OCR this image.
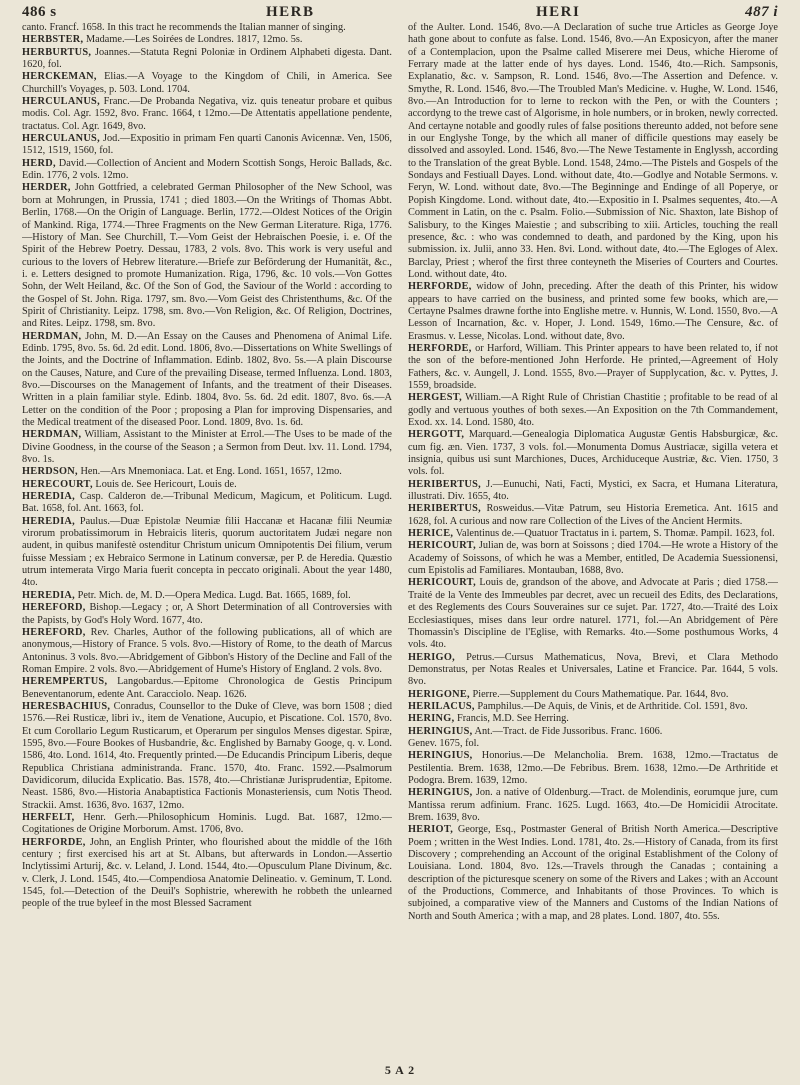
486 s	HERB	HERI	487 i

canto. Francf. 1658. In this tract he recommends the Italian manner of singing.

HERBSTER, Madame.—Les Soirées de Londres. 1817, 12mo. 5s.

HERBURTUS, Joannes.—Statuta Regni Poloniæ in Ordinem Alphabeti digesta. Dant. 1620, fol.

HERCKEMAN, Elias.—A Voyage to the Kingdom of Chili, in America. See Churchill's Voyages, p. 503. Lond. 1704.

HERCULANUS, Franc.—De Probanda Negativa, viz. quis teneatur probare et quibus modis. Col. Agr. 1592, 8vo. Franc. 1664, t 12mo.—De Attentatis appellatione pendente, tractatus. Col. Agr. 1649, 8vo.

HERCULANUS, Jod.—Expositio in primam Fen quarti Canonis Avicennæ. Ven, 1506, 1512, 1519, 1560, fol.

HERD, David.—Collection of Ancient and Modern Scottish Songs, Heroic Ballads, &c. Edin. 1776, 2 vols. 12mo.

HERDER, John Gottfried, a celebrated German Philosopher of the New School, was born at Mohrungen, in Prussia, 1741 ; died 1803.—On the Writings of Thomas Abbt. Berlin, 1768.—On the Origin of Language. Berlin, 1772.—Oldest Notices of the Origin of Mankind. Riga, 1774.—Three Fragments on the New German Literature. Riga, 1776.—History of Man. See Churchill, T.—Vom Geist der Hebraischen Poesie, i. e. Of the Spirit of the Hebrew Poetry. Dessau, 1783, 2 vols. 8vo. This work is very useful and curious to the lovers of Hebrew literature.—Briefe zur Beförderung der Humanität, &c., i. e. Letters designed to promote Humanization. Riga, 1796, &c. 10 vols.—Von Gottes Sohn, der Welt Heiland, &c. Of the Son of God, the Saviour of the World : according to the Gospel of St. John. Riga. 1797, sm. 8vo.—Vom Geist des Christenthums, &c. Of the Spirit of Christianity. Leipz. 1798, sm. 8vo.—Von Religion, &c. Of Religion, Doctrines, and Rites. Leipz. 1798, sm. 8vo.

HERDMAN, John, M. D.—An Essay on the Causes and Phenomena of Animal Life. Edinb. 1795, 8vo. 5s. 6d. 2d edit. Lond. 1806, 8vo.—Dissertations on White Swellings of the Joints, and the Doctrine of Inflammation. Edinb. 1802, 8vo. 5s.—A plain Discourse on the Causes, Nature, and Cure of the prevailing Disease, termed Influenza. Lond. 1803, 8vo.—Discourses on the Management of Infants, and the treatment of their Diseases. Written in a plain familiar style. Edinb. 1804, 8vo. 5s. 6d. 2d edit. 1807, 8vo. 6s.—A Letter on the condition of the Poor ; proposing a Plan for improving Dispensaries, and the Medical treatment of the diseased Poor. Lond. 1809, 8vo. 1s. 6d.

HERDMAN, William, Assistant to the Minister at Errol.—The Uses to be made of the Divine Goodness, in the course of the Season ; a Sermon from Deut. lxv. 11. Lond. 1794, 8vo. 1s.

HERDSON, Hen.—Ars Mnemoniaca. Lat. et Eng. Lond. 1651, 1657, 12mo.

HERECOURT, Louis de. See Hericourt, Louis de.

HEREDIA, Casp. Calderon de.—Tribunal Medicum, Magicum, et Politicum. Lugd. Bat. 1658, fol. Ant. 1663, fol.

HEREDIA, Paulus.—Duæ Epistolæ Neumiæ filii Haccanæ et Hacanæ filii Neumiæ virorum probatissimorum in Hebraicis literis, quorum auctoritatem Judæi negare non audent, in quibus manifestè ostenditur Christum unicum Omnipotentis Dei filium, verum fuisse Messiam ; ex Hebraico Sermone in Latinum conversæ, per P. de Heredia. Quæstio utrum intemerata Virgo Maria fuerit concepta in peccato originali. About the year 1480, 4to.

HEREDIA, Petr. Mich. de, M. D.—Opera Medica. Lugd. Bat. 1665, 1689, fol.

HEREFORD, Bishop.—Legacy ; or, A Short Determination of all Controversies with the Papists, by God's Holy Word. 1677, 4to.

HEREFORD, Rev. Charles, Author of the following publications, all of which are anonymous,—History of France. 5 vols. 8vo.—History of Rome, to the death of Marcus Antoninus. 3 vols. 8vo.—Abridgement of Gibbon's History of the Decline and Fall of the Roman Empire. 2 vols. 8vo.—Abridgement of Hume's History of England. 2 vols. 8vo.

HEREMPERTUS, Langobardus.—Epitome Chronologica de Gestis Principum Beneventanorum, edente Ant. Caracciolo. Neap. 1626.

HERESBACHIUS, Conradus, Counsellor to the Duke of Cleve, was born 1508 ; died 1576.—Rei Rusticæ, libri iv., item de Venatione, Aucupio, et Piscatione. Col. 1570, 8vo. Et cum Corollario Legum Rusticarum, et Operarum per singulos Menses digestar. Spiræ, 1595, 8vo.—Foure Bookes of Husbandrie, &c. Englished by Barnaby Googe, q. v. Lond. 1586, 4to. Lond. 1614, 4to. Frequently printed.—De Educandis Principum Liberis, deque Republica Christiana administranda. Franc. 1570, 4to. Franc. 1592.—Psalmorum Davidicorum, dilucida Explicatio. Bas. 1578, 4to.—Christianæ Jurisprudentiæ, Epitome. Neast. 1586, 8vo.—Historia Anabaptistica Factionis Monasteriensis, cum Notis Theod. Strackii. Amst. 1636, 8vo. 1637, 12mo.

HERFELT, Henr. Gerh.—Philosophicum Hominis. Lugd. Bat. 1687, 12mo.—Cogitationes de Origine Morborum. Amst. 1706, 8vo.

HERFORDE, John, an English Printer, who flourished about the middle of the 16th century ; first exercised his art at St. Albans, but afterwards in London.—Assertio Inclytissimi Arturij, &c. v. Leland, J. Lond. 1544, 4to.—Opusculum Plane Divinum, &c. v. Clerk, J. Lond. 1545, 4to.—Compendiosa Anatomie Delineatio. v. Geminum, T. Lond. 1545, fol.—Detection of the Deuil's Sophistrie, wherewith he robbeth the unlearned people of the true byleef in the most Blessed Sacrament

of the Aulter. Lond. 1546, 8vo.—A Declaration of suche true Articles as George Joye hath gone about to confute as false. Lond. 1546, 8vo.—An Exposicyon, after the maner of a Contemplacion, upon the Psalme called Miserere mei Deus, whiche Hierome of Ferrary made at the latter ende of hys dayes. Lond. 1546, 4to.—Rich. Sampsonis, Explanatio, &c. v. Sampson, R. Lond. 1546, 8vo.—The Assertion and Defence. v. Smythe, R. Lond. 1546, 8vo.—The Troubled Man's Medicine. v. Hughe, W. Lond. 1546, 8vo.—An Introduction for to lerne to reckon with the Pen, or with the Counters ; accordyng to the trewe cast of Algorisme, in hole numbers, or in broken, newly corrected. And certayne notable and goodly rules of false positions thereunto added, not before sene in our Englyshe Tonge, by the which all maner of difficile questions may easely be dissolved and assoyled. Lond. 1546, 8vo.—The Newe Testamente in Englyssh, according to the Translation of the great Byble. Lond. 1548, 24mo.—The Pistels and Gospels of the Sondays and Festiuall Dayes. Lond. without date, 4to.—Godlye and Notable Sermons. v. Feryn, W. Lond. without date, 8vo.—The Beginninge and Endinge of all Poperye, or Popish Kingdome. Lond. without date, 4to.—Expositio in I. Psalmes sequentes, 4to.—A Comment in Latin, on the c. Psalm. Folio.—Submission of Nic. Shaxton, late Bishop of Salisbury, to the Kinges Maiestie ; and subscribing to xiii. Articles, touching the reall presence, &c. : who was condemned to death, and pardoned by the King, upon his submission. ix. Julii, anno 33. Hen. 8vi. Lond. without date, 4to.—The Egloges of Alex. Barclay, Priest ; wherof the first three conteyneth the Miseries of Courters and Courtes. Lond. without date, 4to.

HERFORDE, widow of John, preceding. After the death of this Printer, his widow appears to have carried on the business, and printed some few books, which are,—Certayne Psalmes drawne forthe into Englishe metre. v. Hunnis, W. Lond. 1550, 8vo.—A Lesson of Incarnation, &c. v. Hoper, J. Lond. 1549, 16mo.—The Censure, &c. of Erasmus. v. Lesse, Nicolas. Lond. without date, 8vo.

HERFORDE, or Harford, William. This Printer appears to have been related to, if not the son of the before-mentioned John Herforde. He printed,—Agreement of Holy Fathers, &c. v. Aungell, J. Lond. 1555, 8vo.—Prayer of Supplycation, &c. v. Pyttes, J. 1559, broadside.

HERGEST, William.—A Right Rule of Christian Chastitie ; profitable to be read of al godly and vertuous youthes of both sexes.—An Exposition on the 7th Commandement, Exod. xx. 14. Lond. 1580, 4to.

HERGOTT, Marquard.—Genealogia Diplomatica Augustæ Gentis Habsburgicæ, &c. cum fig. æn. Vien. 1737, 3 vols. fol.—Monumenta Domus Austriacæ, sigilla vetera et insignia, quibus usi sunt Marchiones, Duces, Archiduceque Austriæ, &c. Vien. 1750, 3 vols. fol.

HERIBERTUS, J.—Eunuchi, Nati, Facti, Mystici, ex Sacra, et Humana Literatura, illustrati. Div. 1655, 4to.

HERIBERTUS, Rosweidus.—Vitæ Patrum, seu Historia Eremetica. Ant. 1615 and 1628, fol. A curious and now rare Collection of the Lives of the Ancient Hermits.

HERICE, Valentinus de.—Quatuor Tractatus in i. partem, S. Thomæ. Pampil. 1623, fol.

HERICOURT, Julian de, was born at Soissons ; died 1704.—He wrote a History of the Academy of Soissons, of which he was a Member, entitled, De Academia Suessionensi, cum Epistolis ad Familiares. Montauban, 1688, 8vo.

HERICOURT, Louis de, grandson of the above, and Advocate at Paris ; died 1758.—Traité de la Vente des Immeubles par decret, avec un recueil des Edits, des Declarations, et des Reglements des Cours Souveraines sur ce sujet. Par. 1727, 4to.—Traité des Loix Ecclesiastiques, mises dans leur ordre naturel. 1771, fol.—An Abridgement of Père Thomassin's Discipline de l'Eglise, with Remarks. 4to.—Some posthumous Works, 4 vols. 4to.

HERIGO, Petrus.—Cursus Mathematicus, Nova, Brevi, et Clara Methodo Demonstratus, per Notas Reales et Universales, Latine et Francice. Par. 1644, 5 vols. 8vo.

HERIGONE, Pierre.—Supplement du Cours Mathematique. Par. 1644, 8vo.

HERILACUS, Pamphilus.—De Aquis, de Vinis, et de Arthritide. Col. 1591, 8vo.

HERING, Francis, M.D. See Herring.

HERINGIUS, Ant.—Tract. de Fide Jussoribus. Franc. 1606.

Genev. 1675, fol.

HERINGIUS, Honorius.—De Melancholia. Brem. 1638, 12mo.—Tractatus de Pestilentia. Brem. 1638, 12mo.—De Febribus. Brem. 1638, 12mo.—De Arthritide et Podogra. Brem. 1639, 12mo.

HERINGIUS, Jon. a native of Oldenburg.—Tract. de Molendinis, eorumque jure, cum Mantissa rerum adfinium. Franc. 1625. Lugd. 1663, 4to.—De Homicidii Atrocitate. Brem. 1639, 8vo.

HERIOT, George, Esq., Postmaster General of British North America.—Descriptive Poem ; written in the West Indies. Lond. 1781, 4to. 2s.—History of Canada, from its first Discovery ; comprehending an Account of the original Establishment of the Colony of Louisiana. Lond. 1804, 8vo. 12s.—Travels through the Canadas ; containing a description of the picturesque scenery on some of the Rivers and Lakes ; with an Account of the Productions, Commerce, and Inhabitants of those Provinces. To which is subjoined, a comparative view of the Manners and Customs of the Indian Nations of North and South America ; with a map, and 28 plates. Lond. 1807, 4to. 55s.

5 A 2
